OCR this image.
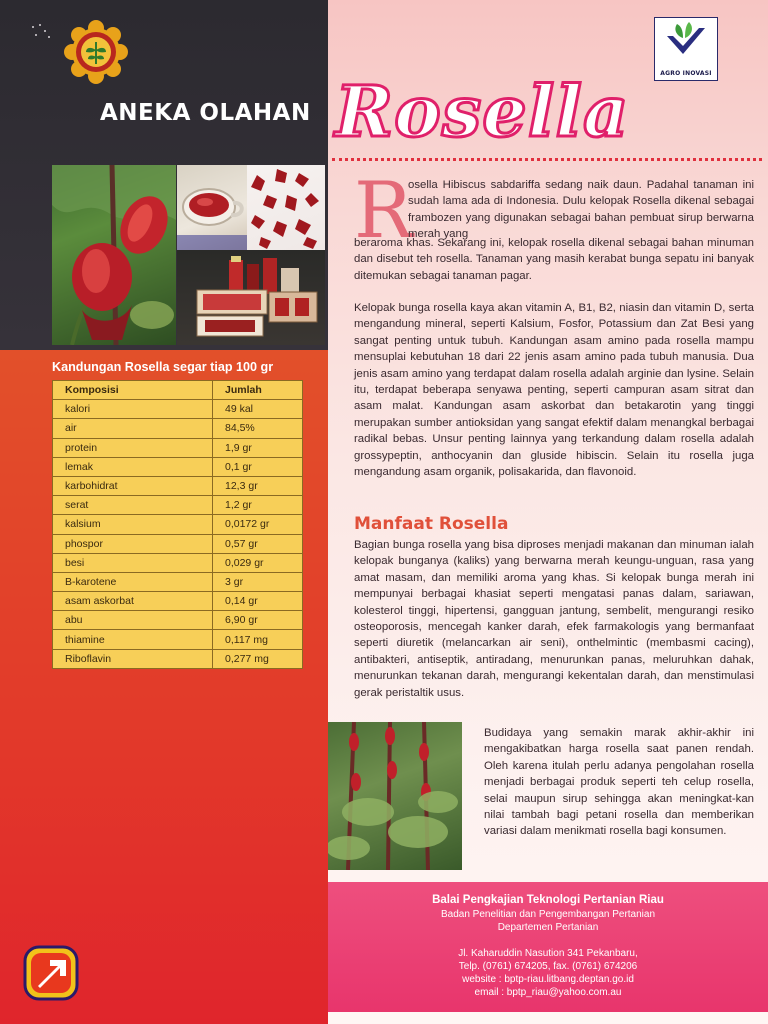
ANEKA OLAHAN Rosella	AGRO INOVASI
Kandungan Rosella segar tiap 100 gr
Komposisi	Jumlah
kalori	49 kal
air	84,5%
protein	1,9 gr
lemak	0,1 gr
karbohidrat	12,3 gr
serat	1,2 gr
kalsium	0,0172 gr
phospor	0,57 gr
besi	0,029 gr
B-karotene	3 gr
asam askorbat	0,14 gr
abu	6,90 gr
thiamine	0,117 mg
Riboflavin	0,277 mg
R

osella Hibiscus sabdariffa sedang naik daun. Padahal tanaman ini sudah lama ada di Indonesia. Dulu kelopak Rosella dikenal sebagai frambozen yang digunakan sebagai bahan pembuat sirup berwarna merah yang

beraroma khas. Sekarang ini, kelopak rosella dikenal sebagai bahan minuman dan disebut teh rosella. Tanaman yang masih kerabat bunga sepatu ini banyak ditemukan sebagai tanaman pagar.

Kelopak bunga rosella kaya akan vitamin A, B1, B2, niasin dan vitamin D, serta mengandung mineral, seperti Kalsium, Fosfor, Potassium dan Zat Besi yang sangat penting untuk tubuh. Kandungan asam amino pada rosella mampu mensuplai kebutuhan 18 dari 22 jenis asam amino pada tubuh manusia. Dua jenis asam amino yang terdapat dalam rosella adalah arginie dan lysine. Selain itu, terdapat beberapa senyawa penting, seperti campuran asam sitrat dan asam malat. Kandungan asam askorbat dan betakarotin yang tinggi merupakan sumber antioksidan yang sangat efektif dalam menangkal berbagai radikal bebas. Unsur penting lainnya yang terkandung dalam rosella adalah grossypeptin, anthocyanin dan gluside hibiscin. Selain itu rosella juga mengandung asam organik, polisakarida, dan flavonoid.

Manfaat Rosella

Bagian bunga rosella yang bisa diproses menjadi makanan dan minuman ialah kelopak bunganya (kaliks) yang berwarna merah keungu-unguan, rasa yang amat masam, dan memiliki aroma yang khas. Si kelopak bunga merah ini mempunyai berbagai khasiat seperti mengatasi panas dalam, sariawan, kolesterol tinggi, hipertensi, gangguan jantung, sembelit, mengurangi resiko osteoporosis, mencegah kanker darah, efek farmakologis yang bermanfaat seperti diuretik (melancarkan air seni), onthelmintic (membasmi cacing), antibakteri, antiseptik, antiradang, menurunkan panas, meluruhkan dahak, menurunkan tekanan darah, mengurangi kekentalan darah, dan menstimulasi gerak peristaltik usus.

Budidaya yang semakin marak akhir-akhir ini mengakibatkan harga rosella saat panen rendah. Oleh karena itulah perlu adanya pengolahan rosella menjadi berbagai produk seperti teh celup rosella, selai maupun sirup sehingga akan meningkat-kan nilai tambah bagi petani rosella dan memberikan variasi dalam menikmati rosella bagi konsumen.

Balai Pengkajian Teknologi Pertanian Riau
Badan Penelitian dan Pengembangan Pertanian
Departemen Pertanian
Jl. Kaharuddin Nasution 341 Pekanbaru,
Telp. (0761) 674205, fax. (0761) 674206
website : bptp-riau.litbang.deptan.go.id
email : bptp_riau@yahoo.com.au
